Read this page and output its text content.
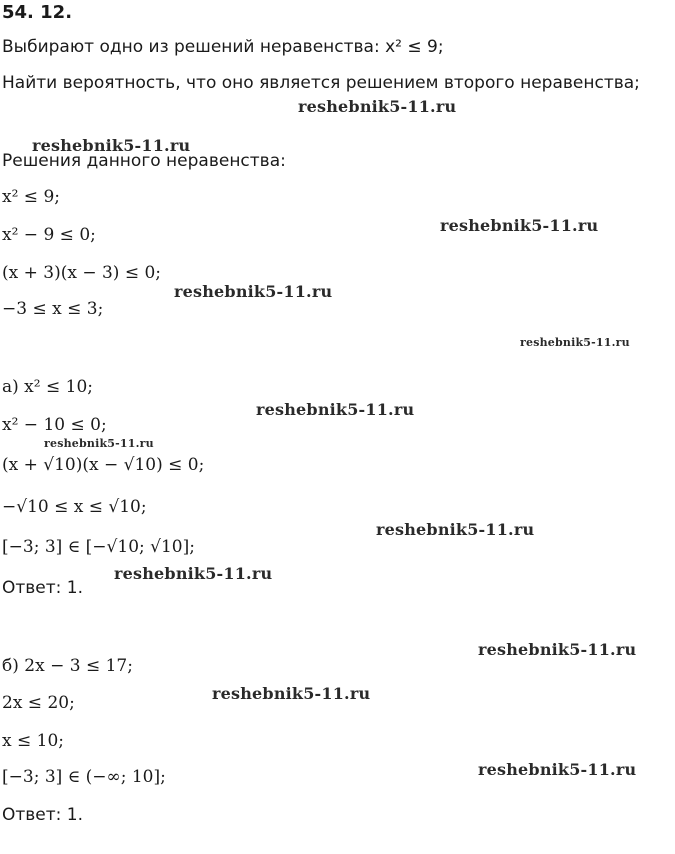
54. 12.
Выбирают одно из решений неравенства: x² ≤ 9;
Найти вероятность, что оно является решением второго неравенства;
Решения данного неравенства:
x² ≤ 9;
x² − 9 ≤ 0;
(x + 3)(x − 3) ≤ 0;
−3 ≤ x ≤ 3;
а) x² ≤ 10;
x² − 10 ≤ 0;
(x + √10)(x − √10) ≤ 0;
−√10 ≤ x ≤ √10;
[−3; 3] ∈ [−√10; √10];
Ответ: 1.
б) 2x − 3 ≤ 17;
2x ≤ 20;
x ≤ 10;
[−3; 3] ∈ (−∞; 10];
Ответ: 1.
reshebnik5-11.ru
reshebnik5-11.ru
reshebnik5-11.ru
reshebnik5-11.ru
reshebnik5-11.ru
reshebnik5-11.ru
reshebnik5-11.ru
reshebnik5-11.ru
reshebnik5-11.ru
reshebnik5-11.ru
reshebnik5-11.ru
reshebnik5-11.ru
